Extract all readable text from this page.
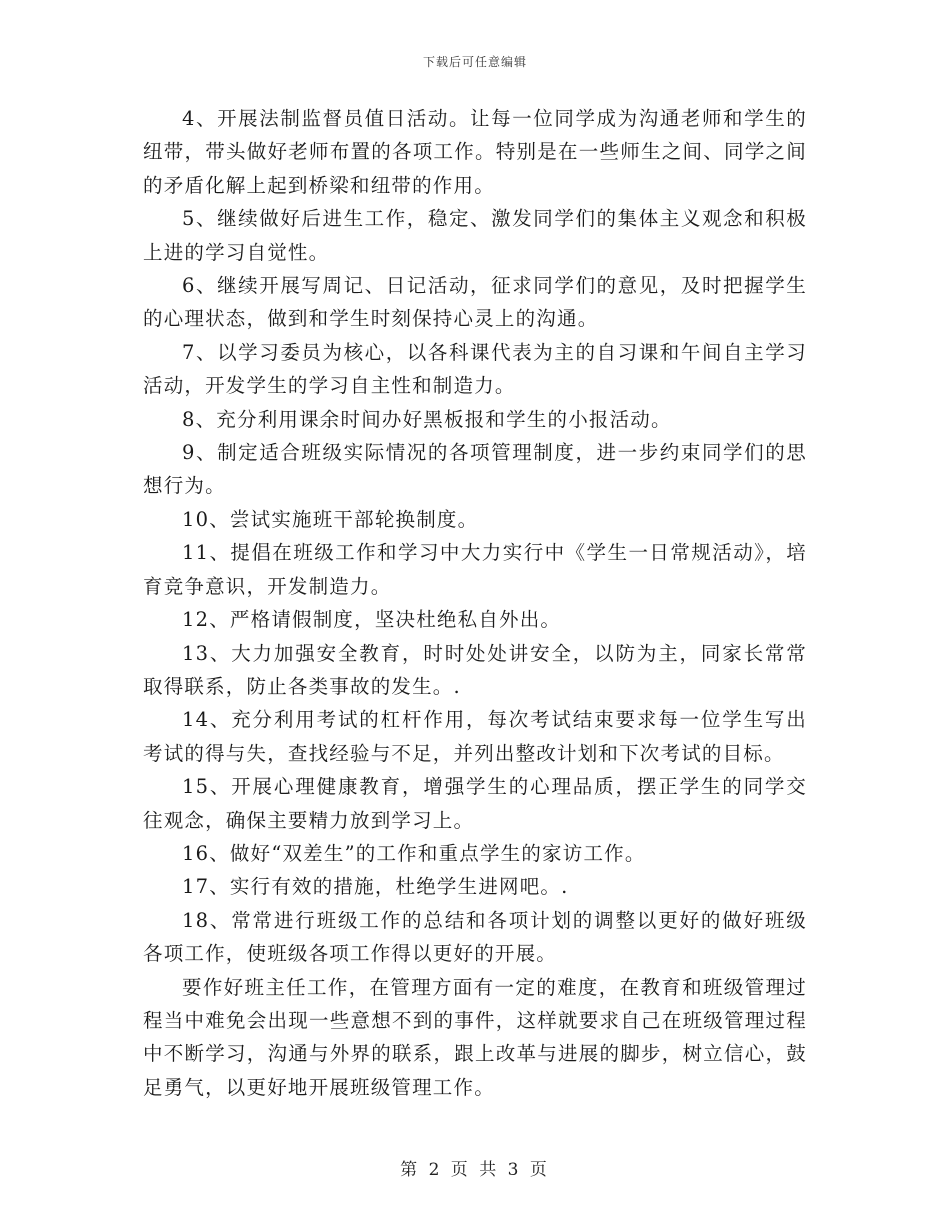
下载后可任意编辑

4、开展法制监督员值日活动。让每一位同学成为沟通老师和学生的纽带，带头做好老师布置的各项工作。特别是在一些师生之间、同学之间的矛盾化解上起到桥梁和纽带的作用。

5、继续做好后进生工作，稳定、激发同学们的集体主义观念和积极上进的学习自觉性。

6、继续开展写周记、日记活动，征求同学们的意见，及时把握学生的心理状态，做到和学生时刻保持心灵上的沟通。

7、以学习委员为核心，以各科课代表为主的自习课和午间自主学习活动，开发学生的学习自主性和制造力。

8、充分利用课余时间办好黑板报和学生的小报活动。

9、制定适合班级实际情况的各项管理制度，进一步约束同学们的思想行为。

10、尝试实施班干部轮换制度。

11、提倡在班级工作和学习中大力实行中《学生一日常规活动》，培育竞争意识，开发制造力。

12、严格请假制度，坚决杜绝私自外出。

13、大力加强安全教育，时时处处讲安全，以防为主，同家长常常取得联系，防止各类事故的发生。.

14、充分利用考试的杠杆作用，每次考试结束要求每一位学生写出考试的得与失，查找经验与不足，并列出整改计划和下次考试的目标。

15、开展心理健康教育，增强学生的心理品质，摆正学生的同学交往观念，确保主要精力放到学习上。

16、做好“双差生”的工作和重点学生的家访工作。

17、实行有效的措施，杜绝学生进网吧。.

18、常常进行班级工作的总结和各项计划的调整以更好的做好班级各项工作，使班级各项工作得以更好的开展。

要作好班主任工作，在管理方面有一定的难度，在教育和班级管理过程当中难免会出现一些意想不到的事件，这样就要求自己在班级管理过程中不断学习，沟通与外界的联系，跟上改革与进展的脚步，树立信心，鼓足勇气，以更好地开展班级管理工作。

第 2 页 共 3 页
